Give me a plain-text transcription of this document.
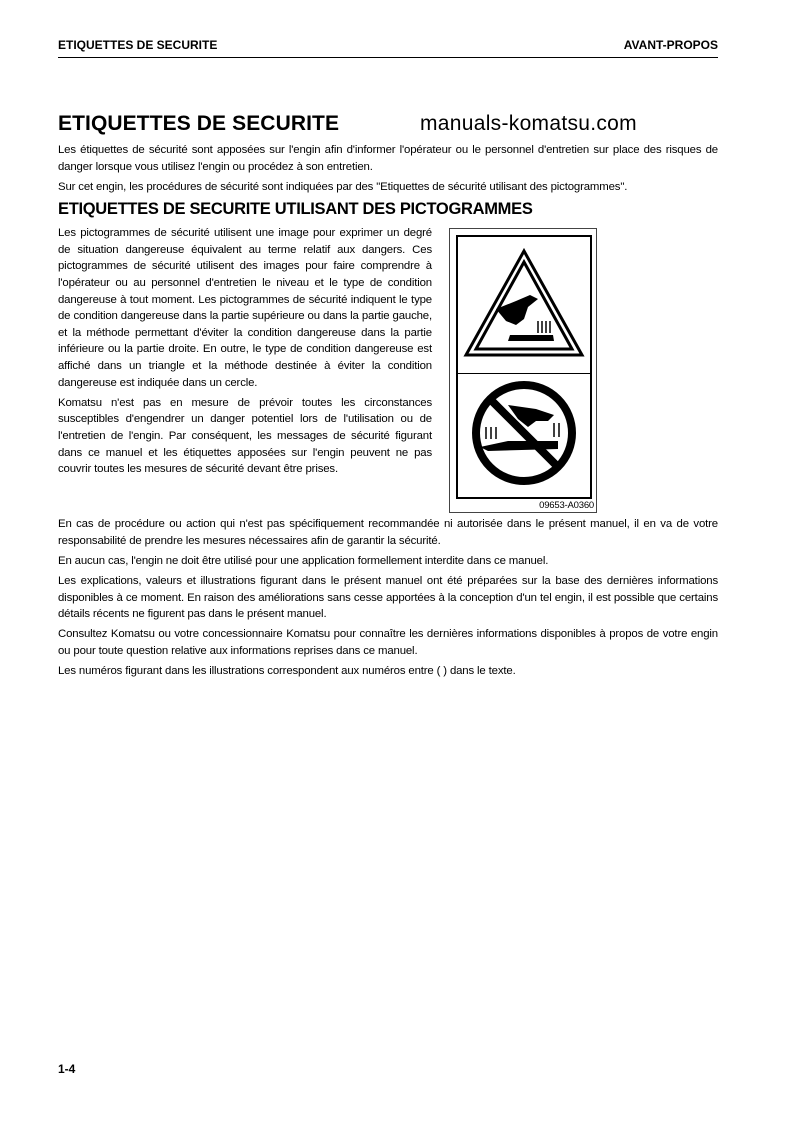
ETIQUETTES DE SECURITE	AVANT-PROPOS
ETIQUETTES DE SECURITE	manuals-komatsu.com

Les étiquettes de sécurité sont apposées sur l'engin afin d'informer l'opérateur ou le personnel d'entretien sur place des risques de danger lorsque vous utilisez l'engin ou procédez à son entretien.

Sur cet engin, les procédures de sécurité sont indiquées par des "Etiquettes de sécurité utilisant des pictogrammes".

ETIQUETTES DE SECURITE UTILISANT DES PICTOGRAMMES

Les pictogrammes de sécurité utilisent une image pour exprimer un degré de situation dangereuse équivalent au terme relatif aux dangers. Ces pictogrammes de sécurité utilisent des images pour faire comprendre à l'opérateur ou au personnel d'entretien le niveau et le type de condition dangereuse à tout moment. Les pictogrammes de sécurité indiquent le type de condition dangereuse dans la partie supérieure ou dans la partie gauche, et la méthode permettant d'éviter la condition dangereuse dans la partie inférieure ou la partie droite. En outre, le type de condition dangereuse est affiché dans un triangle et la méthode destinée à éviter la condition dangereuse est indiquée dans un cercle.

Komatsu n'est pas en mesure de prévoir toutes les circonstances susceptibles d'engendrer un danger potentiel lors de l'utilisation ou de l'entretien de l'engin. Par conséquent, les messages de sécurité figurant dans ce manuel et les étiquettes apposées sur l'engin peuvent ne pas couvrir toutes les mesures de sécurité devant être prises.

09653-A0360

En cas de procédure ou action qui n'est pas spécifiquement recommandée ni autorisée dans le présent manuel, il en va de votre responsabilité de prendre les mesures nécessaires afin de garantir la sécurité.

En aucun cas, l'engin ne doit être utilisé pour une application formellement interdite dans ce manuel.

Les explications, valeurs et illustrations figurant dans le présent manuel ont été préparées sur la base des dernières informations disponibles à ce moment. En raison des améliorations sans cesse apportées à la conception d'un tel engin, il est possible que certains détails récents ne figurent pas dans le présent manuel.

Consultez Komatsu ou votre concessionnaire Komatsu pour connaître les dernières informations disponibles à propos de votre engin ou pour toute question relative aux informations reprises dans ce manuel.

Les numéros figurant dans les illustrations correspondent aux numéros entre ( ) dans le texte.

1-4
